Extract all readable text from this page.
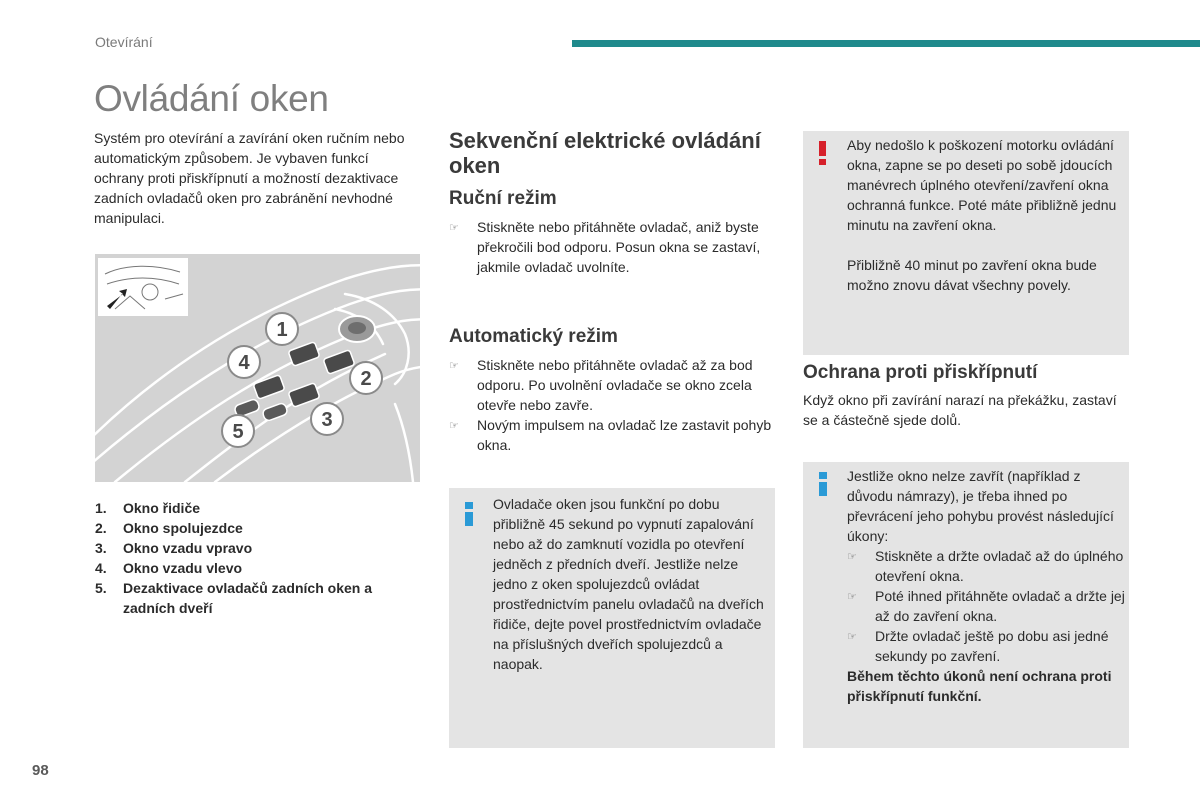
Otevírání
Ovládání oken

Systém pro otevírání a zavírání oken ručním nebo automatickým způsobem. Je vybaven funkcí ochrany proti přiskřípnutí a možností dezaktivace zadních ovladačů oken pro zabránění nevhodné manipulaci.

1
2
3
4
5
1.	Okno řidiče
2.	Okno spolujezdce
3.	Okno vzadu vpravo
4.	Okno vzadu vlevo
5.	Dezaktivace ovladačů zadních oken a zadních dveří
Sekvenční elektrické ovládání oken
Ruční režim
☞	Stiskněte nebo přitáhněte ovladač, aniž byste překročili bod odporu. Posun okna se zastaví, jakmile ovladač uvolníte.
Automatický režim
☞	Stiskněte nebo přitáhněte ovladač až za bod odporu. Po uvolnění ovladače se okno zcela otevře nebo zavře.
☞	Novým impulsem na ovladač lze zastavit pohyb okna.

Ovladače oken jsou funkční po dobu přibližně 45 sekund po vypnutí zapalování nebo až do zamknutí vozidla po otevření jedněch z předních dveří. Jestliže nelze jedno z oken spolujezdců ovládat prostřednictvím panelu ovladačů na dveřích řidiče, dejte povel prostřednictvím ovladače na příslušných dveřích spolujezdců a naopak.

Aby nedošlo k poškození motorku ovládání okna, zapne se po deseti po sobě jdoucích manévrech úplného otevření/zavření okna ochranná funkce. Poté máte přibližně jednu minutu na zavření okna.

Přibližně 40 minut po zavření okna bude možno znovu dávat všechny povely.

Ochrana proti přiskřípnutí

Když okno při zavírání narazí na překážku, zastaví se a částečně sjede dolů.

Jestliže okno nelze zavřít (například z důvodu námrazy), je třeba ihned po převrácení jeho pohybu provést následující úkony:

☞	Stiskněte a držte ovladač až do úplného otevření okna.
☞	Poté ihned přitáhněte ovladač a držte jej až do zavření okna.
☞	Držte ovladač ještě po dobu asi jedné sekundy po zavření.

Během těchto úkonů není ochrana proti přiskřípnutí funkční.

98
